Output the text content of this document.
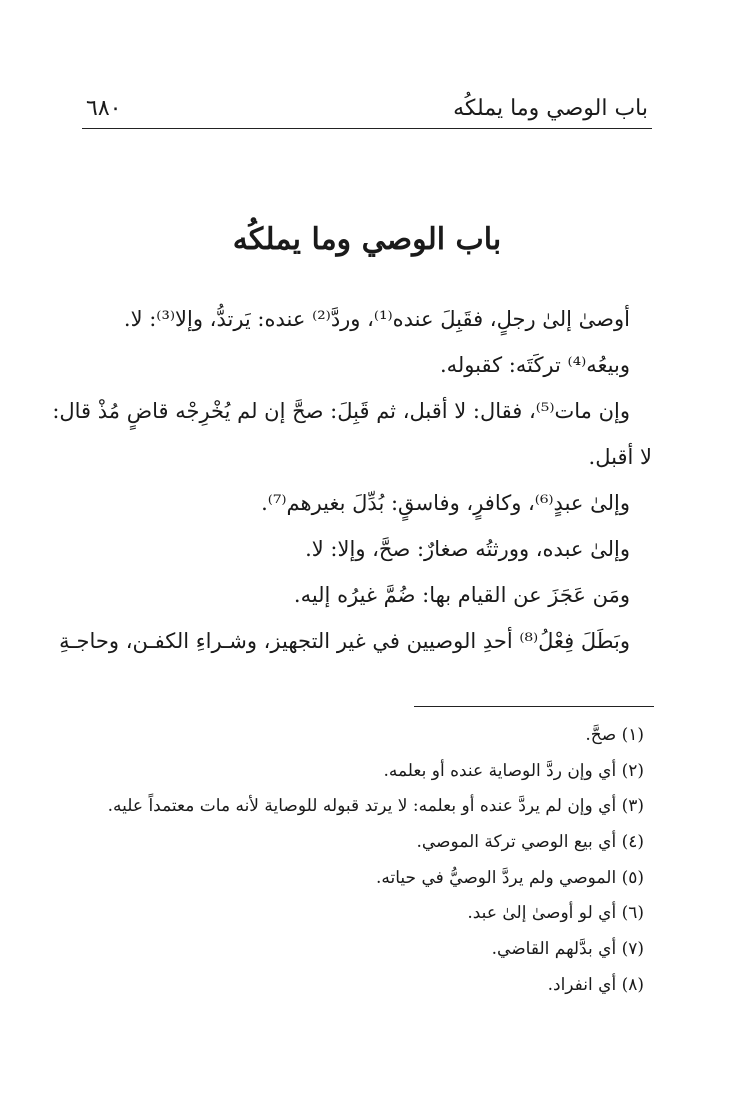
٦٨٠	باب الوصي وما يملكُه
باب الوصي وما يملكُه

أوصىٰ إلىٰ رجلٍ، فقَبِلَ عنده⁽¹⁾، وردَّ⁽²⁾ عنده: يَرتدُّ، وإلا⁽³⁾: لا.

وبيعُه⁽⁴⁾ تركَتَه: كقبوله.

وإن مات⁽⁵⁾، فقال: لا أقبل، ثم قَبِلَ: صحَّ إن لم يُخْرِجْه قاضٍ مُذْ قال:

لا أقبل.

وإلىٰ عبدٍ⁽⁶⁾، وكافرٍ، وفاسقٍ: بُدِّلَ بغيرهم⁽⁷⁾.

وإلىٰ عبده، وورثتُه صغارٌ: صحَّ، وإلا: لا.

ومَن عَجَزَ عن القيام بها: ضُمَّ غيرُه إليه.

وبَطَلَ فِعْلُ⁽⁸⁾ أحدِ الوصيين في غير التجهيز، وشـراءِ الكفـن، وحاجـةِ

(١) صحَّ.

(٢) أي وإن ردَّ الوصاية عنده أو بعلمه.

(٣) أي وإن لم يردَّ عنده أو بعلمه: لا يرتد قبوله للوصاية لأنه مات معتمداً عليه.

(٤) أي بيع الوصي تركة الموصي.

(٥) الموصي ولم يردَّ الوصيُّ في حياته.

(٦) أي لو أوصىٰ إلىٰ عبد.

(٧) أي بدَّلهم القاضي.

(٨) أي انفراد.
